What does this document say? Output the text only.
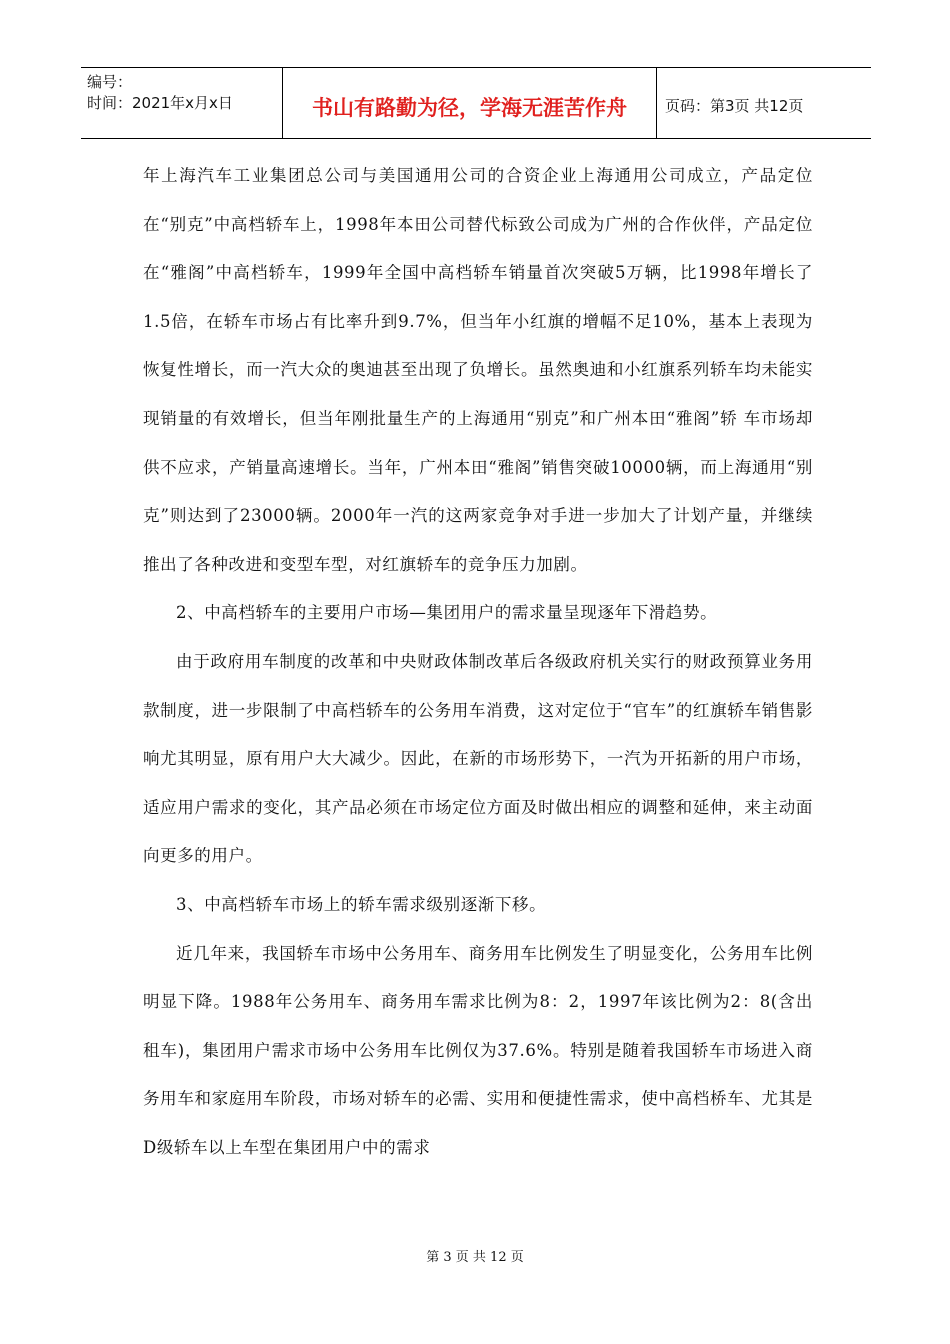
编号：
时间：2021年x月x日	书山有路勤为径，学海无涯苦作舟	页码：第3页 共12页

年上海汽车工业集团总公司与美国通用公司的合资企业上海通用公司成立，产品定位在“别克”中高档轿车上，1998年本田公司替代标致公司成为广州的合作伙伴，产品定位在“雅阁”中高档轿车，1999年全国中高档轿车销量首次突破5万辆，比1998年增长了1.5倍，在轿车市场占有比率升到9.7%，但当年小红旗的增幅不足10%，基本上表现为恢复性增长，而一汽大众的奥迪甚至出现了负增长。虽然奥迪和小红旗系列轿车均未能实现销量的有效增长，但当年刚批量生产的上海通用“别克”和广州本田“雅阁”轿 车市场却供不应求，产销量高速增长。当年，广州本田“雅阁”销售突破10000辆，而上海通用“别克”则达到了23000辆。2000年一汽的这两家竞争对手进一步加大了计划产量，并继续推出了各种改进和变型车型，对红旗轿车的竞争压力加剧。

2、中高档轿车的主要用户市场—集团用户的需求量呈现逐年下滑趋势。

由于政府用车制度的改革和中央财政体制改革后各级政府机关实行的财政预算业务用款制度，进一步限制了中高档轿车的公务用车消费，这对定位于“官车”的红旗轿车销售影响尤其明显，原有用户大大减少。因此，在新的市场形势下，一汽为开拓新的用户市场，适应用户需求的变化，其产品必须在市场定位方面及时做出相应的调整和延伸，来主动面向更多的用户。

3、中高档轿车市场上的轿车需求级别逐渐下移。

近几年来，我国轿车市场中公务用车、商务用车比例发生了明显变化，公务用车比例明显下降。1988年公务用车、商务用车需求比例为8：2，1997年该比例为2：8(含出租车)，集团用户需求市场中公务用车比例仅为37.6%。特别是随着我国轿车市场进入商务用车和家庭用车阶段，市场对轿车的必需、实用和便捷性需求，使中高档桥车、尤其是D级轿车以上车型在集团用户中的需求

第 3 页 共 12 页
